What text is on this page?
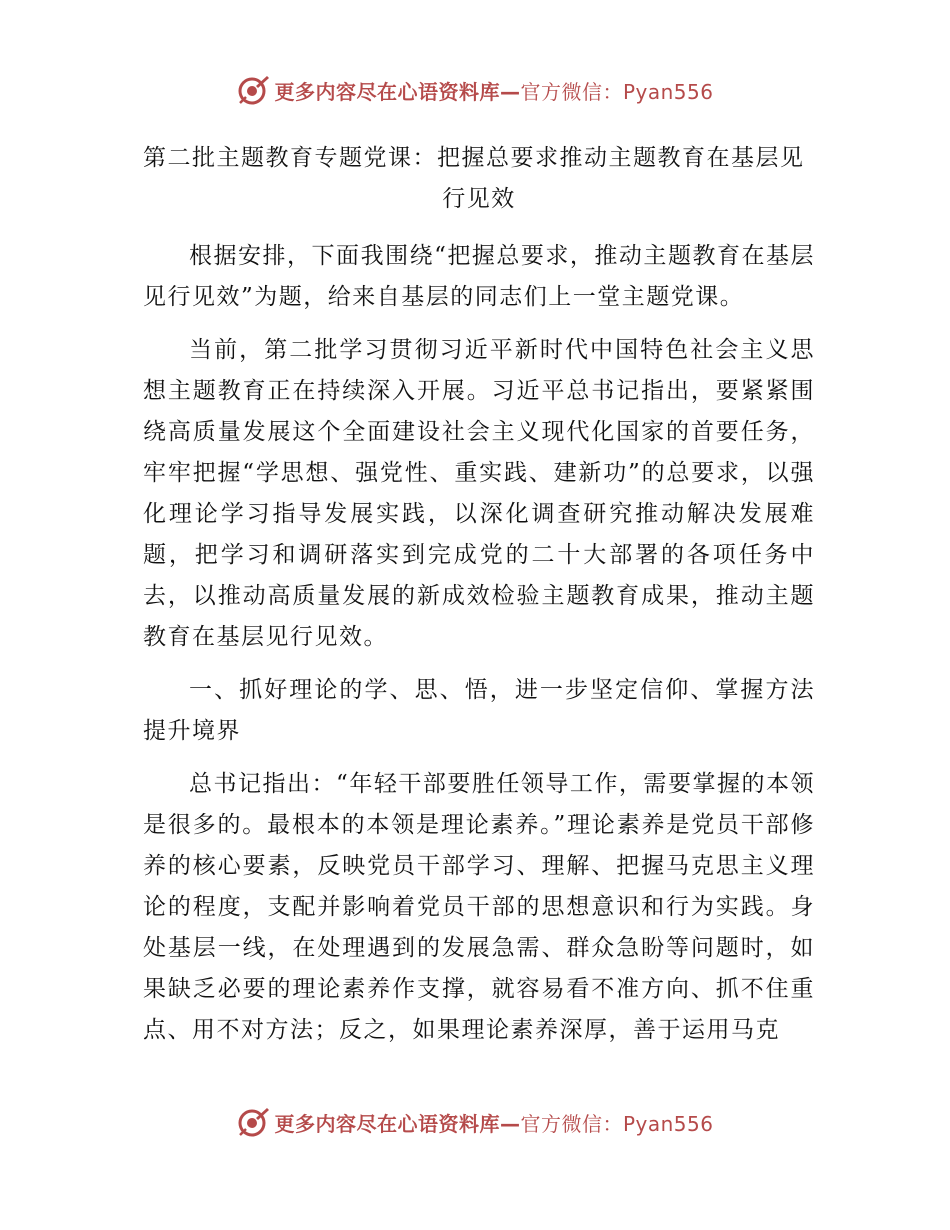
更多内容尽在心语资料库—官方微信：Pyan556
第二批主题教育专题党课：把握总要求推动主题教育在基层见
行见效

根据安排，下面我围绕“把握总要求，推动主题教育在基层见行见效”为题，给来自基层的同志们上一堂主题党课。

当前，第二批学习贯彻习近平新时代中国特色社会主义思想主题教育正在持续深入开展。习近平总书记指出，要紧紧围绕高质量发展这个全面建设社会主义现代化国家的首要任务，牢牢把握“学思想、强党性、重实践、建新功”的总要求，以强化理论学习指导发展实践，以深化调查研究推动解决发展难题，把学习和调研落实到完成党的二十大部署的各项任务中去，以推动高质量发展的新成效检验主题教育成果，推动主题教育在基层见行见效。

一、抓好理论的学、思、悟，进一步坚定信仰、掌握方法提升境界

总书记指出：“年轻干部要胜任领导工作，需要掌握的本领是很多的。最根本的本领是理论素养。”理论素养是党员干部修养的核心要素，反映党员干部学习、理解、把握马克思主义理论的程度，支配并影响着党员干部的思想意识和行为实践。身处基层一线，在处理遇到的发展急需、群众急盼等问题时，如果缺乏必要的理论素养作支撑，就容易看不准方向、抓不住重点、用不对方法；反之，如果理论素养深厚，善于运用马克

更多内容尽在心语资料库—官方微信：Pyan556
